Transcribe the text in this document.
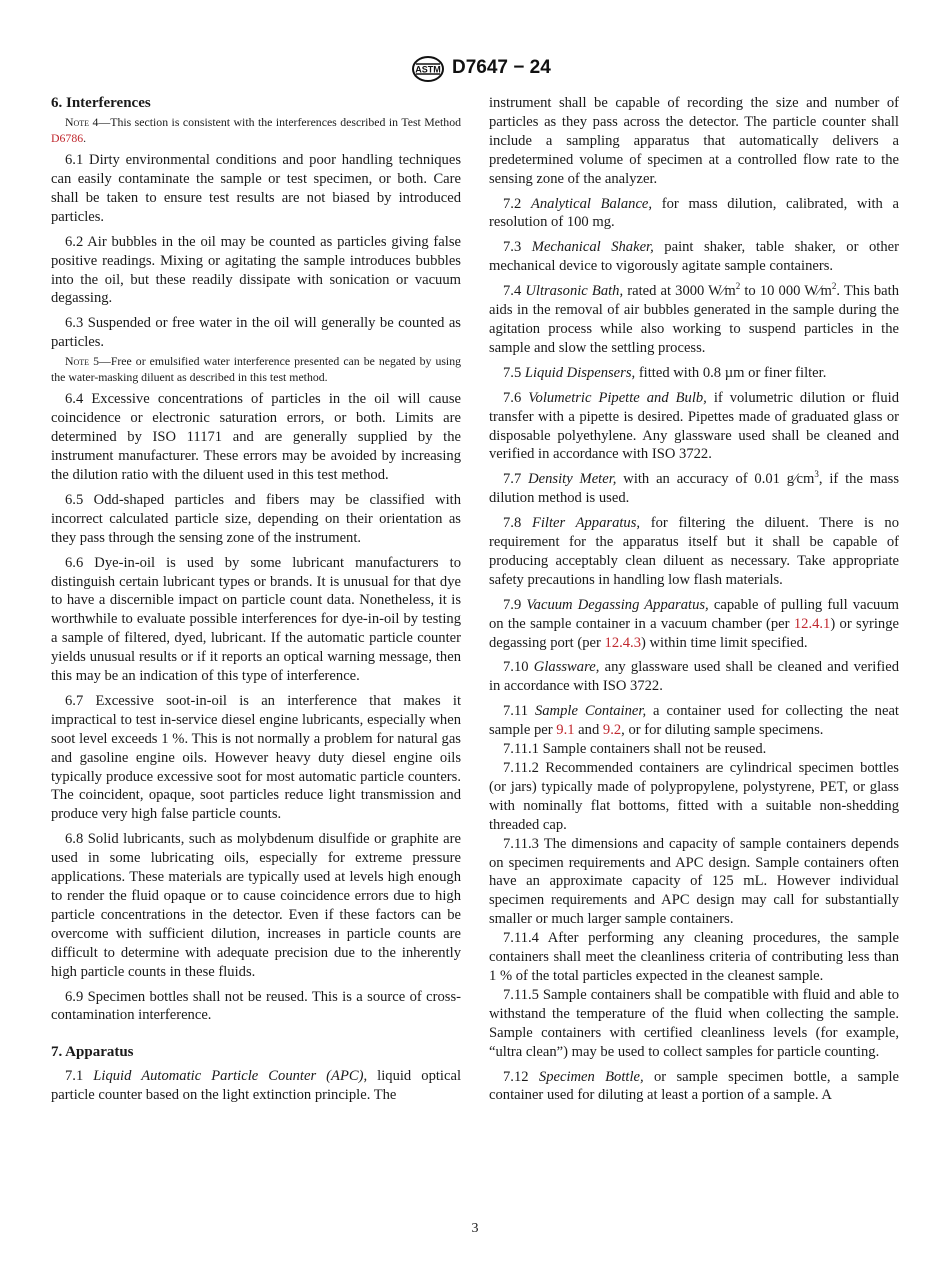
ASTM D7647 − 24

6. Interferences

Note 4—This section is consistent with the interferences described in Test Method D6786.

6.1 Dirty environmental conditions and poor handling techniques can easily contaminate the sample or test specimen, or both. Care shall be taken to ensure test results are not biased by introduced particles.

6.2 Air bubbles in the oil may be counted as particles giving false positive readings. Mixing or agitating the sample introduces bubbles into the oil, but these readily dissipate with sonication or vacuum degassing.

6.3 Suspended or free water in the oil will generally be counted as particles.

Note 5—Free or emulsified water interference presented can be negated by using the water-masking diluent as described in this test method.

6.4 Excessive concentrations of particles in the oil will cause coincidence or electronic saturation errors, or both. Limits are determined by ISO 11171 and are generally supplied by the instrument manufacturer. These errors may be avoided by increasing the dilution ratio with the diluent used in this test method.

6.5 Odd-shaped particles and fibers may be classified with incorrect calculated particle size, depending on their orientation as they pass through the sensing zone of the instrument.

6.6 Dye-in-oil is used by some lubricant manufacturers to distinguish certain lubricant types or brands. It is unusual for that dye to have a discernible impact on particle count data. Nonetheless, it is worthwhile to evaluate possible interferences for dye-in-oil by testing a sample of filtered, dyed, lubricant. If the automatic particle counter yields unusual results or if it reports an optical warning message, then this may be an indication of this type of interference.

6.7 Excessive soot-in-oil is an interference that makes it impractical to test in-service diesel engine lubricants, especially when soot level exceeds 1 %. This is not normally a problem for natural gas and gasoline engine oils. However heavy duty diesel engine oils typically produce excessive soot for most automatic particle counters. The coincident, opaque, soot particles reduce light transmission and produce very high false particle counts.

6.8 Solid lubricants, such as molybdenum disulfide or graphite are used in some lubricating oils, especially for extreme pressure applications. These materials are typically used at levels high enough to render the fluid opaque or to cause coincidence errors due to high particle concentrations in the detector. Even if these factors can be overcome with sufficient dilution, increases in particle counts are difficult to determine with adequate precision due to the inherently high particle counts in these fluids.

6.9 Specimen bottles shall not be reused. This is a source of cross-contamination interference.

7. Apparatus

7.1 Liquid Automatic Particle Counter (APC), liquid optical particle counter based on the light extinction principle. The

instrument shall be capable of recording the size and number of particles as they pass across the detector. The particle counter shall include a sampling apparatus that automatically delivers a predetermined volume of specimen at a controlled flow rate to the sensing zone of the analyzer.

7.2 Analytical Balance, for mass dilution, calibrated, with a resolution of 100 mg.

7.3 Mechanical Shaker, paint shaker, table shaker, or other mechanical device to vigorously agitate sample containers.

7.4 Ultrasonic Bath, rated at 3000 $W⁄m^2$ to 10 000 $W⁄m^2$. This bath aids in the removal of air bubbles generated in the sample during the agitation process while also working to suspend particles in the sample and slow the settling process.

7.5 Liquid Dispensers, fitted with 0.8 µm or finer filter.

7.6 Volumetric Pipette and Bulb, if volumetric dilution or fluid transfer with a pipette is desired. Pipettes made of graduated glass or disposable polyethylene. Any glassware used shall be cleaned and verified in accordance with ISO 3722.

7.7 Density Meter, with an accuracy of 0.01 $g⁄cm^3$, if the mass dilution method is used.

7.8 Filter Apparatus, for filtering the diluent. There is no requirement for the apparatus itself but it shall be capable of producing acceptably clean diluent as necessary. Take appropriate safety precautions in handling low flash materials.

7.9 Vacuum Degassing Apparatus, capable of pulling full vacuum on the sample container in a vacuum chamber (per 12.4.1) or syringe degassing port (per 12.4.3) within time limit specified.

7.10 Glassware, any glassware used shall be cleaned and verified in accordance with ISO 3722.

7.11 Sample Container, a container used for collecting the neat sample per 9.1 and 9.2, or for diluting sample specimens.

7.11.1 Sample containers shall not be reused.

7.11.2 Recommended containers are cylindrical specimen bottles (or jars) typically made of polypropylene, polystyrene, PET, or glass with nominally flat bottoms, fitted with a suitable non-shedding threaded cap.

7.11.3 The dimensions and capacity of sample containers depends on specimen requirements and APC design. Sample containers often have an approximate capacity of 125 mL. However individual specimen requirements and APC design may call for substantially smaller or much larger sample containers.

7.11.4 After performing any cleaning procedures, the sample containers shall meet the cleanliness criteria of contributing less than 1 % of the total particles expected in the cleanest sample.

7.11.5 Sample containers shall be compatible with fluid and able to withstand the temperature of the fluid when collecting the sample. Sample containers with certified cleanliness levels (for example, “ultra clean”) may be used to collect samples for particle counting.

7.12 Specimen Bottle, or sample specimen bottle, a sample container used for diluting at least a portion of a sample. A

3
